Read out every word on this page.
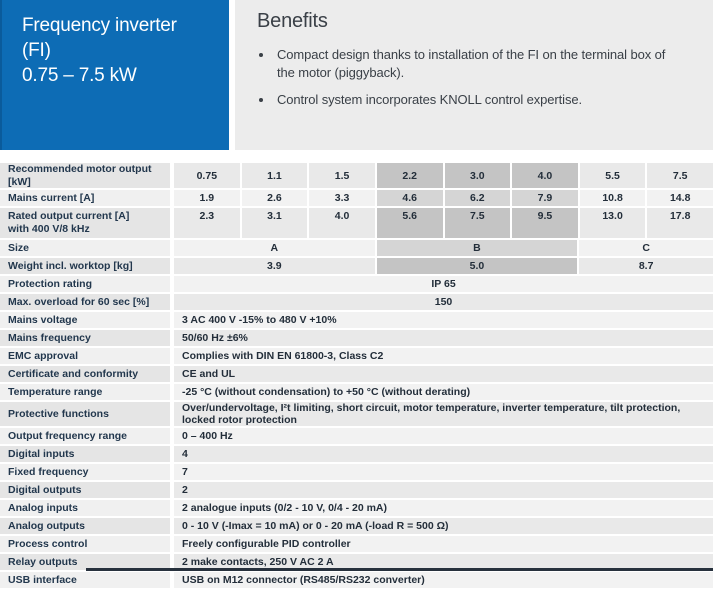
Frequency inverter
(FI)
0.75 – 7.5 kW
Benefits
Compact design thanks to installation of the FI on the terminal box of the motor (piggyback).
Control system incorporates KNOLL control expertise.
Recommended motor output [kW]	0.75	1.1	1.5	2.2	3.0	4.0	5.5	7.5
Mains current [A]	1.9	2.6	3.3	4.6	6.2	7.9	10.8	14.8
Rated output current [A]
with 400 V/8 kHz
2.3	3.1	4.0	5.6	7.5	9.5	13.0	17.8
Size	A	B	C
Weight incl. worktop [kg]	3.9	5.0	8.7
Protection rating	IP 65
Max. overload for 60 sec [%]	150
Mains voltage	3 AC 400 V -15% to 480 V +10%
Mains frequency	50/60 Hz ±6%
EMC approval	Complies with DIN EN 61800-3, Class C2
Certificate and conformity	CE and UL
Temperature range	-25 °C (without condensation) to +50 °C (without derating)
Protective functions	Over/undervoltage, I²t limiting, short circuit, motor temperature, inverter temperature, tilt protection, locked rotor protection
Output frequency range	0 – 400 Hz
Digital inputs	4
Fixed frequency	7
Digital outputs	2
Analog inputs	2 analogue inputs (0/2 - 10 V, 0/4 - 20 mA)
Analog outputs	0 - 10 V (-Imax = 10 mA) or 0 - 20 mA (-load R = 500 Ω)
Process control	Freely configurable PID controller
Relay outputs	2 make contacts, 250 V AC 2 A
USB interface	USB on M12 connector (RS485/RS232 converter)
